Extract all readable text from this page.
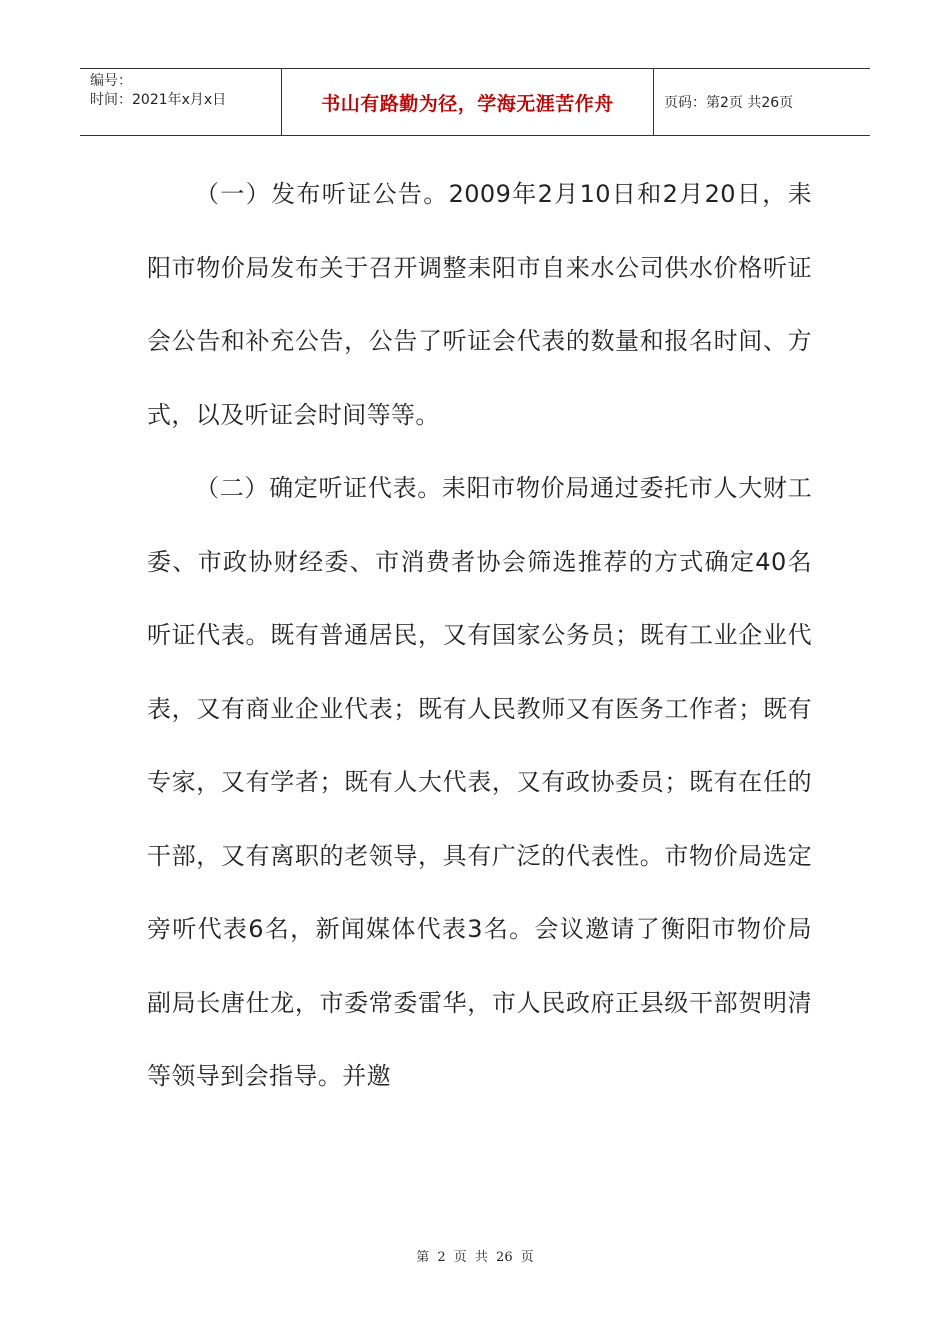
编号：
时间：2021年x月x日	书山有路勤为径，学海无涯苦作舟	页码：第2页 共26页

（一）发布听证公告。2009年2月10日和2月20日，耒阳市物价局发布关于召开调整耒阳市自来水公司供水价格听证会公告和补充公告，公告了听证会代表的数量和报名时间、方式，以及听证会时间等等。

（二）确定听证代表。耒阳市物价局通过委托市人大财工委、市政协财经委、市消费者协会筛选推荐的方式确定40名听证代表。既有普通居民，又有国家公务员；既有工业企业代表，又有商业企业代表；既有人民教师又有医务工作者；既有专家，又有学者；既有人大代表，又有政协委员；既有在任的干部，又有离职的老领导，具有广泛的代表性。市物价局选定旁听代表6名，新闻媒体代表3名。会议邀请了衡阳市物价局副局长唐仕龙，市委常委雷华，市人民政府正县级干部贺明清等领导到会指导。并邀

第 2 页 共 26 页
